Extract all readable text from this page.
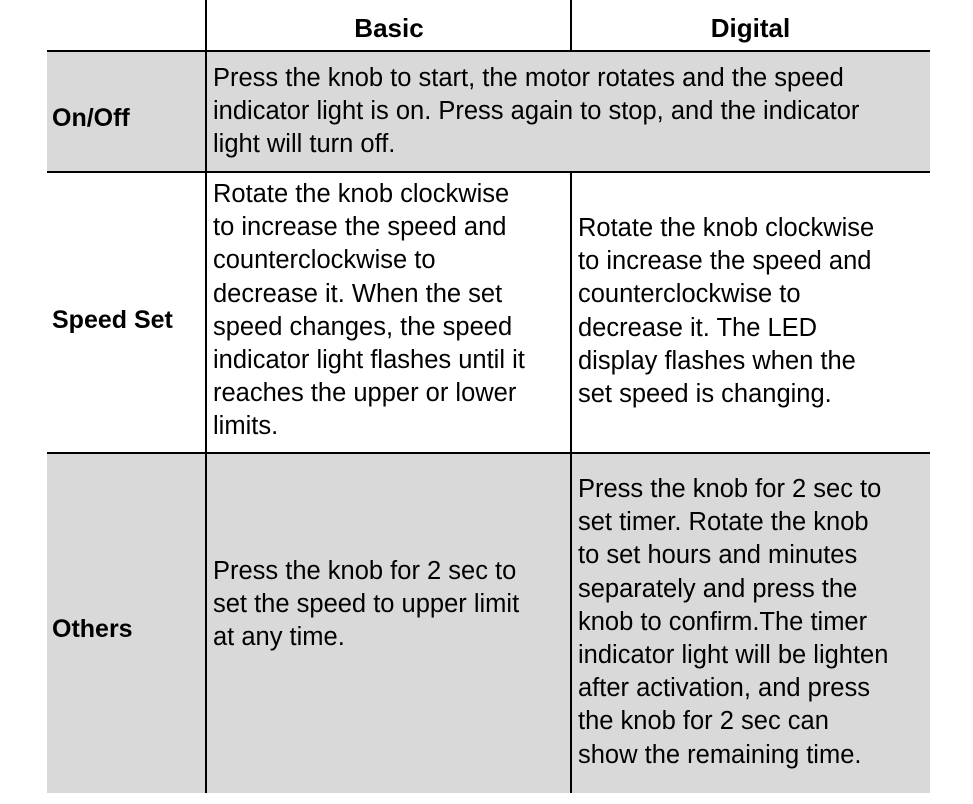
Basic	Digital
On/Off
Press the knob to start, the motor rotates and the speed
indicator light is on. Press again to stop, and the indicator
light will turn off.
Speed Set
Rotate the knob clockwise
to increase the speed and
counterclockwise to
decrease it. When the set
speed changes, the speed
indicator light flashes until it
reaches the upper or lower
limits.
Rotate the knob clockwise
to increase the speed and
counterclockwise to
decrease it. The LED
display flashes when the
set speed is changing.
Others
Press the knob for 2 sec to
set the speed to upper limit
at any time.
Press the knob for 2 sec to
set timer. Rotate the knob
to set hours and minutes
separately and press the
knob to confirm.The timer
indicator light will be lighten
after activation, and press
the knob for 2 sec can
show the remaining time.
